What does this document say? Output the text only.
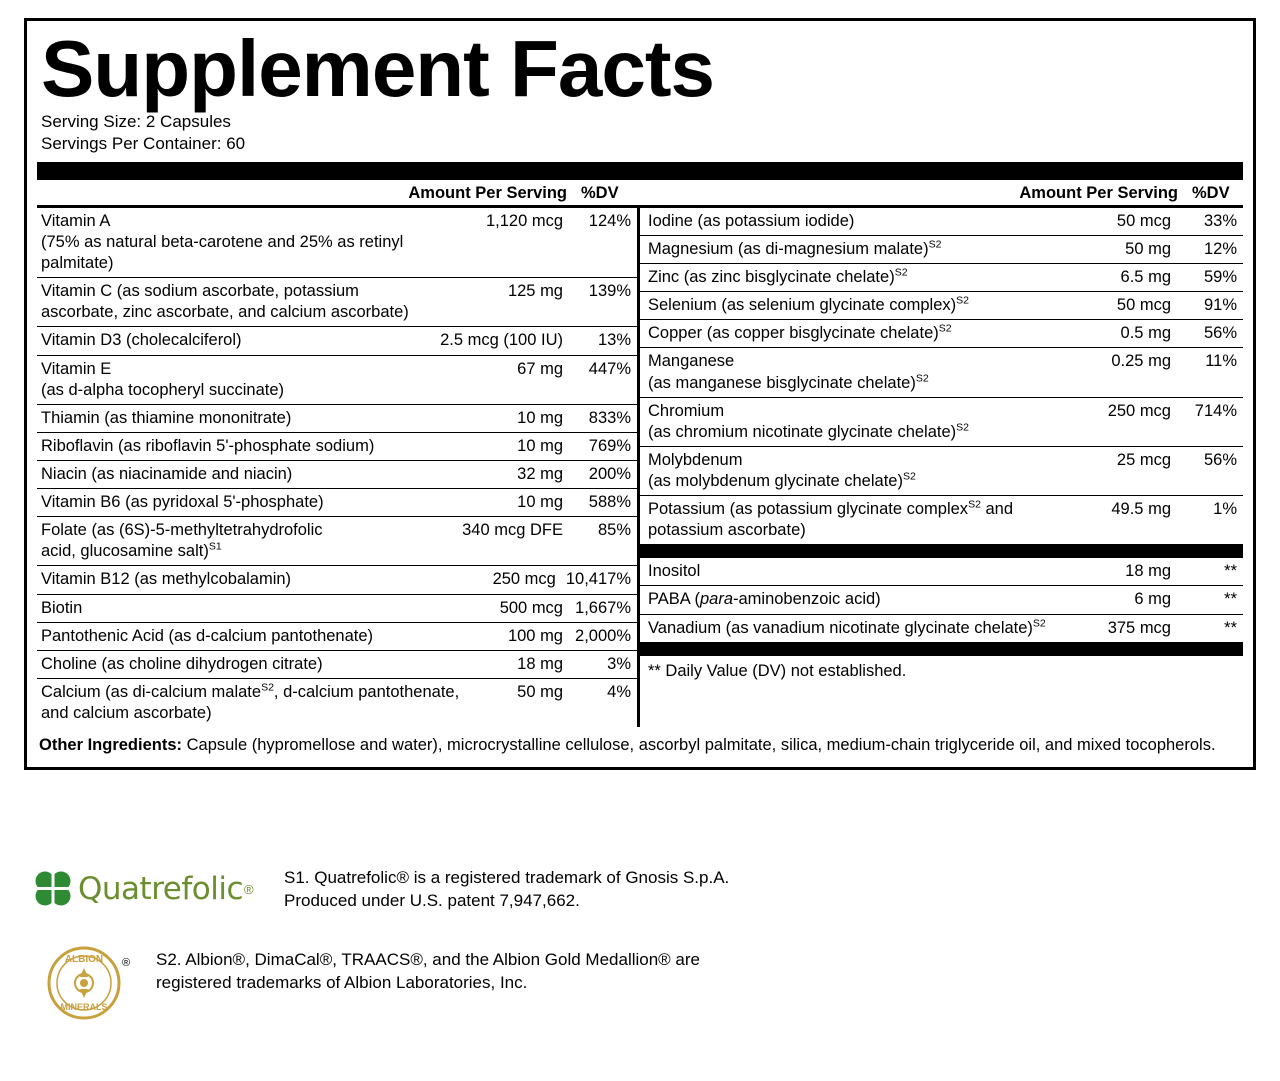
Supplement Facts
Serving Size: 2 Capsules
Servings Per Container: 60
Amount Per Serving %DV	Amount Per Serving %DV
Vitamin A
(75% as natural beta-carotene and 25% as retinyl palmitate)
1,120 mcg	124%
Vitamin C (as sodium ascorbate, potassium
ascorbate, zinc ascorbate, and calcium ascorbate)
125 mg	139%
Vitamin D3 (cholecalciferol)	2.5 mcg (100 IU)	13%
Vitamin E
(as d-alpha tocopheryl succinate)
67 mg	447%
Thiamin (as thiamine mononitrate)	10 mg	833%
Riboflavin (as riboflavin 5'-phosphate sodium)	10 mg	769%
Niacin (as niacinamide and niacin)	32 mg	200%
Vitamin B6 (as pyridoxal 5'-phosphate)	10 mg	588%
Folate (as (6S)-5-methyltetrahydrofolic
acid, glucosamine salt)$^{S1}$
340 mcg DFE	85%
Vitamin B12 (as methylcobalamin)	250 mcg 10,417%
Biotin	500 mcg 1,667%
Pantothenic Acid (as d-calcium pantothenate)	100 mg 2,000%
Choline (as choline dihydrogen citrate)	18 mg	3%
Calcium (as di-calcium malate$^{S2}$, d-calcium pantothenate,
and calcium ascorbate)
50 mg	4%
Iodine (as potassium iodide)	50 mcg	33%
Magnesium (as di-magnesium malate)$^{S2}$	50 mg	12%
Zinc (as zinc bisglycinate chelate)$^{S2}$	6.5 mg	59%
Selenium (as selenium glycinate complex)$^{S2}$	50 mcg	91%
Copper (as copper bisglycinate chelate)$^{S2}$	0.5 mg	56%
Manganese
(as manganese bisglycinate chelate)$^{S2}$
0.25 mg	11%
Chromium
(as chromium nicotinate glycinate chelate)$^{S2}$
250 mcg	714%
Molybdenum
(as molybdenum glycinate chelate)$^{S2}$
25 mcg	56%
Potassium (as potassium glycinate complex$^{S2}$ and
potassium ascorbate)
49.5 mg	1%
Inositol	18 mg	**
PABA (para-aminobenzoic acid)	6 mg	**
Vanadium (as vanadium nicotinate glycinate chelate)$^{S2}$	375 mcg	**
** Daily Value (DV) not established.
Other Ingredients: Capsule (hypromellose and water), microcrystalline cellulose, ascorbyl palmitate, silica, medium-chain triglyceride oil, and mixed tocopherols.
Quatrefolic ®
S1. Quatrefolic® is a registered trademark of Gnosis S.p.A.
Produced under U.S. patent 7,947,662.
ALBION
MINERALS
® S2. Albion®, DimaCal®, TRAACS®, and the Albion Gold Medallion® are
registered trademarks of Albion Laboratories, Inc.
